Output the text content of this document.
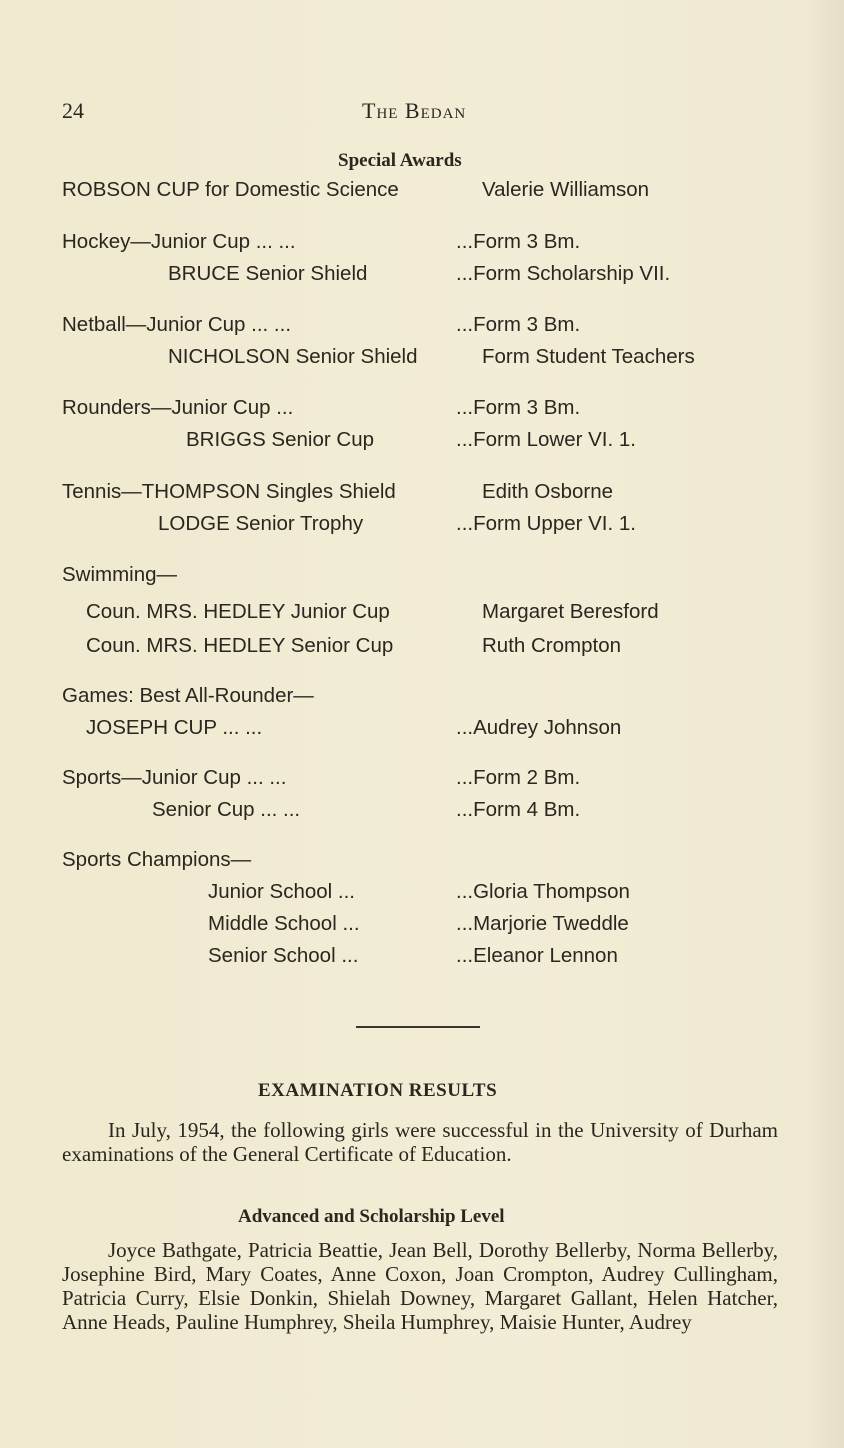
24	The Bedan
Special Awards
ROBSON CUP for Domestic Science	Valerie Williamson
Hockey—Junior Cup ... ...	...Form 3 Bm.
BRUCE Senior Shield	...Form Scholarship VII.
Netball—Junior Cup ... ...	...Form 3 Bm.
NICHOLSON Senior Shield	Form Student Teachers
Rounders—Junior Cup ...	...Form 3 Bm.
BRIGGS Senior Cup	...Form Lower VI. 1.
Tennis—THOMPSON Singles Shield	Edith Osborne
LODGE Senior Trophy	...Form Upper VI. 1.
Swimming—
Coun. MRS. HEDLEY Junior Cup	Margaret Beresford
Coun. MRS. HEDLEY Senior Cup	Ruth Crompton
Games: Best All-Rounder—
JOSEPH CUP ... ...	...Audrey Johnson
Sports—Junior Cup ... ...	...Form 2 Bm.
Senior Cup ... ...	...Form 4 Bm.
Sports Champions—
Junior School ...	...Gloria Thompson
Middle School ...	...Marjorie Tweddle
Senior School ...	...Eleanor Lennon
EXAMINATION RESULTS
In July, 1954, the following girls were successful in the University of Durham examinations of the General Certificate of Education.
Advanced and Scholarship Level
Joyce Bathgate, Patricia Beattie, Jean Bell, Dorothy Bellerby, Norma Bellerby, Josephine Bird, Mary Coates, Anne Coxon, Joan Crompton, Audrey Cullingham, Patricia Curry, Elsie Donkin, Shielah Downey, Margaret Gallant, Helen Hatcher, Anne Heads, Pauline Humphrey, Sheila Humphrey, Maisie Hunter, Audrey
